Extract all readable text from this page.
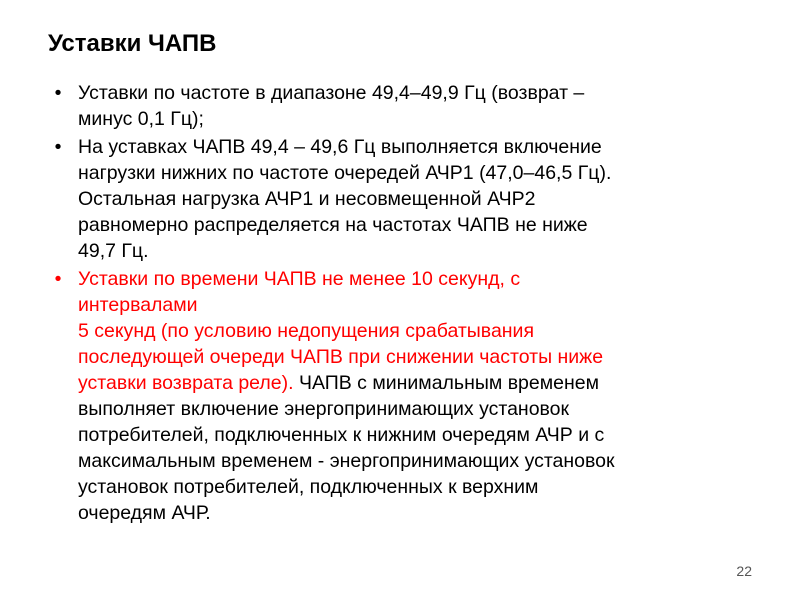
Уставки ЧАПВ
• Уставки по частоте в диапазоне 49,4–49,9 Гц (возврат –
минус 0,1 Гц);
• На уставках ЧАПВ 49,4 – 49,6 Гц выполняется включение
нагрузки нижних по частоте очередей АЧР1 (47,0–46,5 Гц).
Остальная нагрузка АЧР1 и несовмещенной АЧР2
равномерно распределяется на частотах ЧАПВ не ниже
49,7 Гц.
• Уставки по времени ЧАПВ не менее 10 секунд, с
интервалами
5 секунд (по условию недопущения срабатывания
последующей очереди ЧАПВ при снижении частоты ниже
уставки возврата реле). ЧАПВ с минимальным временем
выполняет включение энергопринимающих установок
потребителей, подключенных к нижним очередям АЧР и с
максимальным временем - энергопринимающих установок
установок потребителей, подключенных к верхним
очередям АЧР.
22
